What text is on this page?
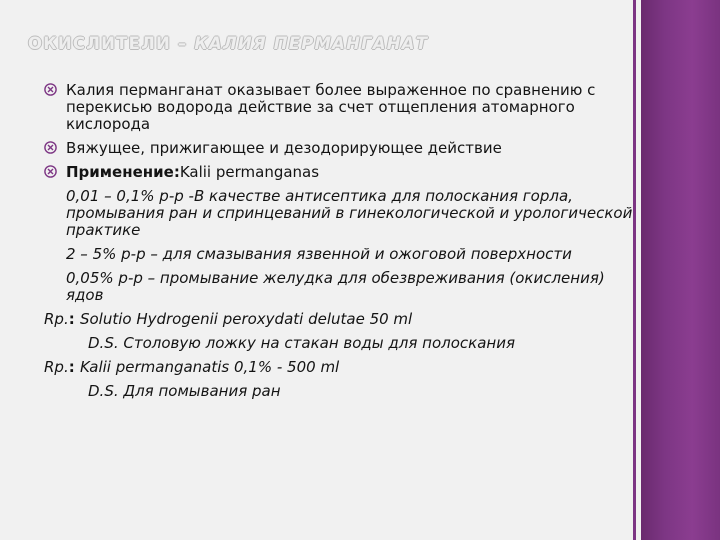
ОКИСЛИТЕЛИ – КАЛИЯ ПЕРМАНГАНАТ
Калия перманганат оказывает более выраженное по сравнению с перекисью водорода действие за счет отщепления атомарного кислорода
Вяжущее, прижигающее и дезодорирующее действие
Применение:Kalii permanganas
0,01 – 0,1% р-р -В качестве антисептика для полоскания горла, промывания ран и спринцеваний в гинекологической и урологической практике
2 – 5% р-р – для смазывания язвенной и ожоговой поверхности
0,05% р-р – промывание желудка для обезвреживания (окисления) ядов
Rp.: Solutio Hydrogenii peroxydati delutae 50 ml
D.S. Столовую ложку на стакан воды для полоскания
Rp.: Kalii permanganatis 0,1% - 500 ml
D.S. Для помывания ран
